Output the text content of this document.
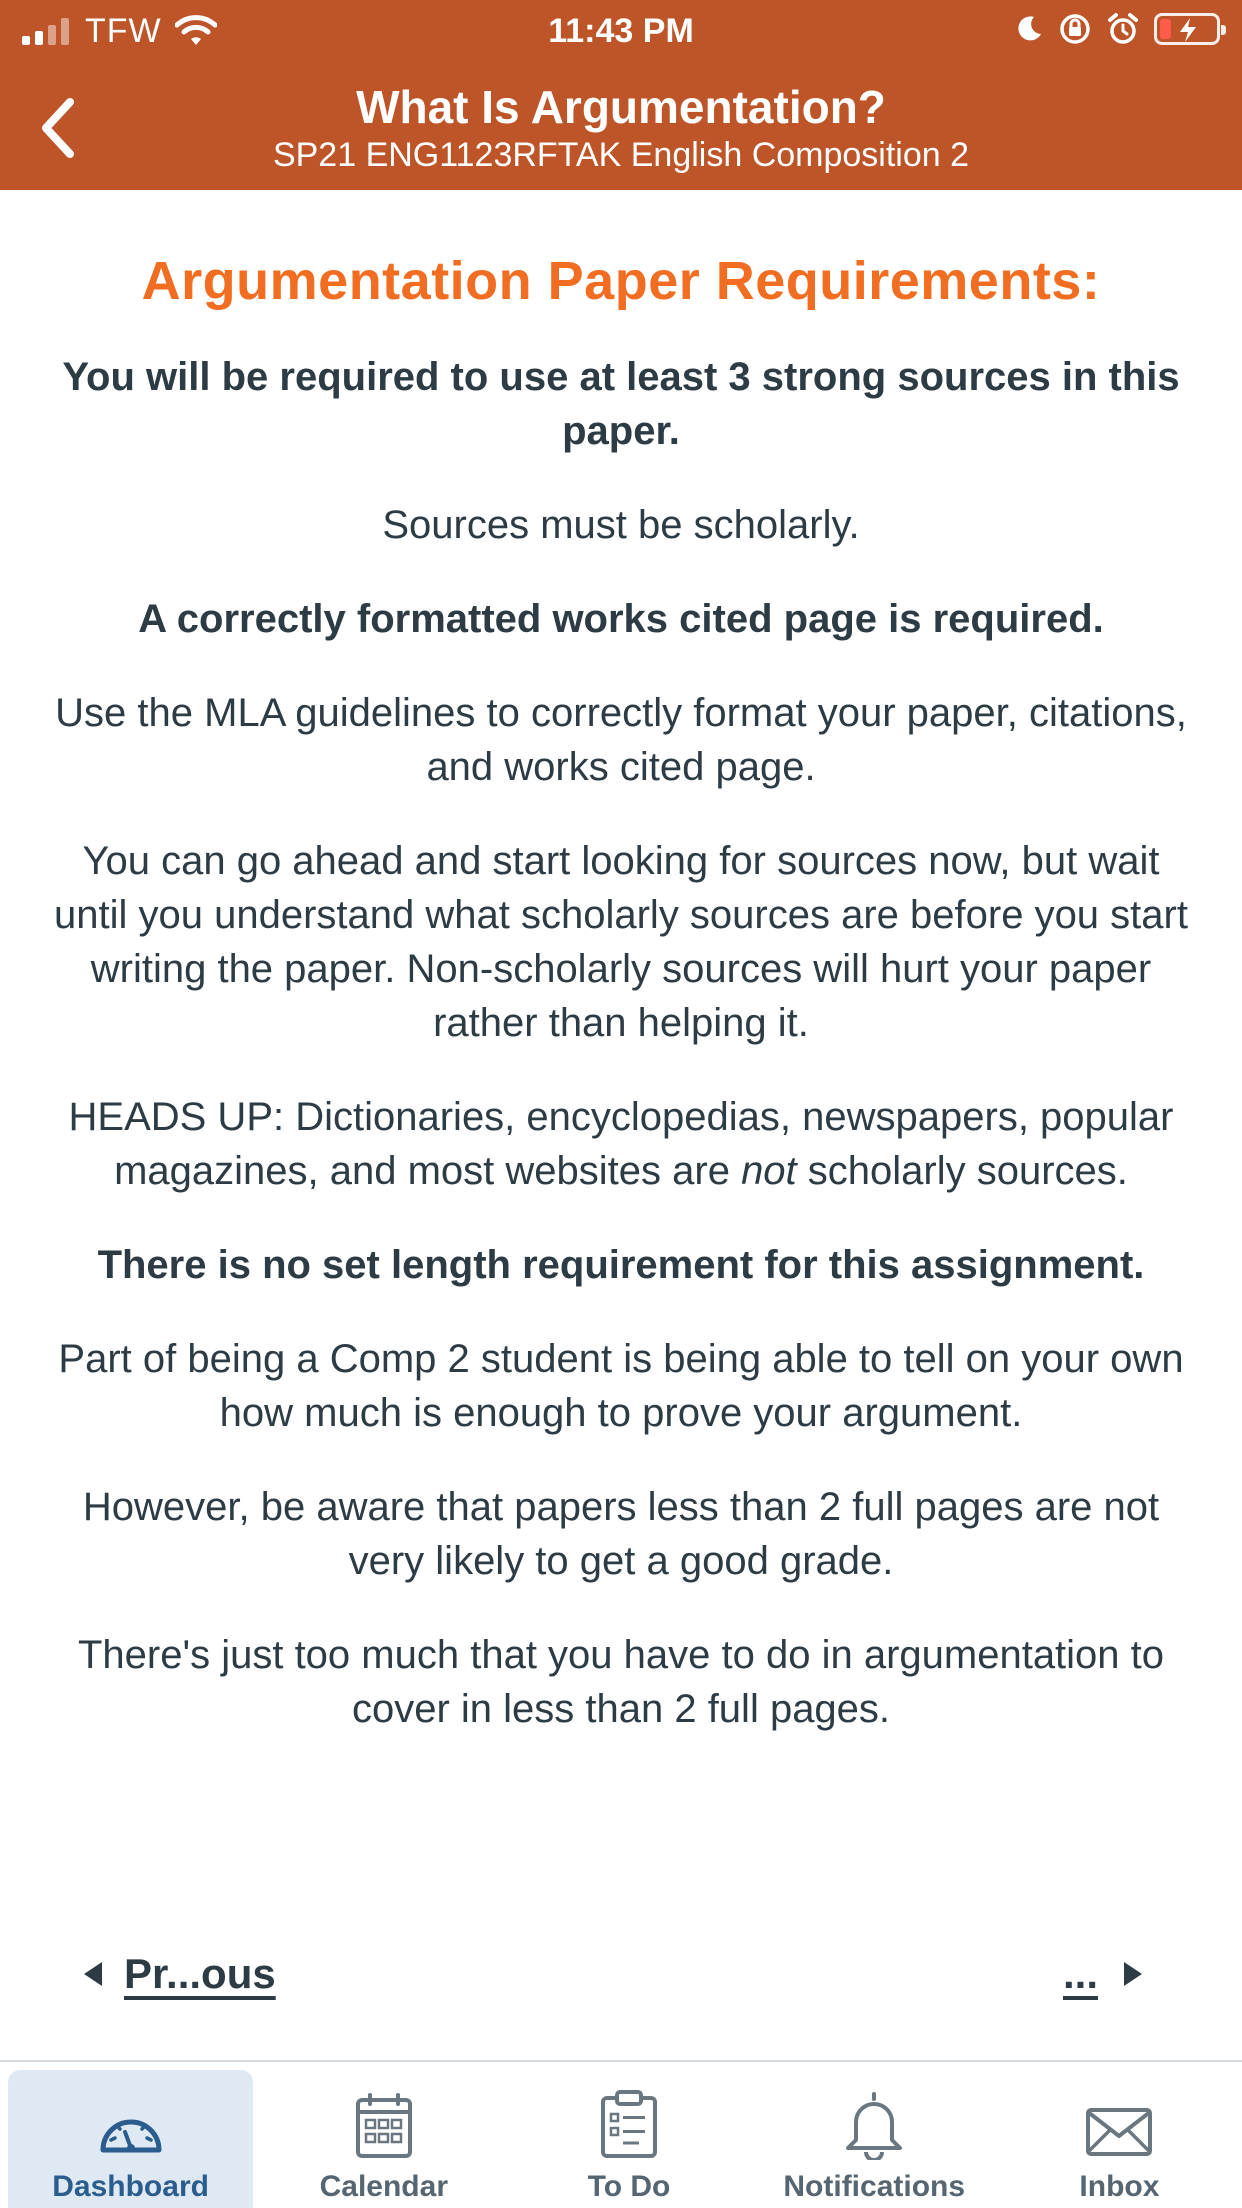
TFW	11:43 PM
What Is Argumentation?
SP21 ENG1123RFTAK English Composition 2
Argumentation Paper Requirements:

You will be required to use at least 3 strong sources in this paper.

Sources must be scholarly.

A correctly formatted works cited page is required.

Use the MLA guidelines to correctly format your paper, citations, and works cited page.

You can go ahead and start looking for sources now, but wait until you understand what scholarly sources are before you start writing the paper. Non-scholarly sources will hurt your paper rather than helping it.

HEADS UP: Dictionaries, encyclopedias, newspapers, popular magazines, and most websites are not scholarly sources.

There is no set length requirement for this assignment.

Part of being a Comp 2 student is being able to tell on your own how much is enough to prove your argument.

However, be aware that papers less than 2 full pages are not very likely to get a good grade.

There's just too much that you have to do in argumentation to cover in less than 2 full pages.

Pr...ous	...
Dashboard	Calendar	To Do	Notifications	Inbox
